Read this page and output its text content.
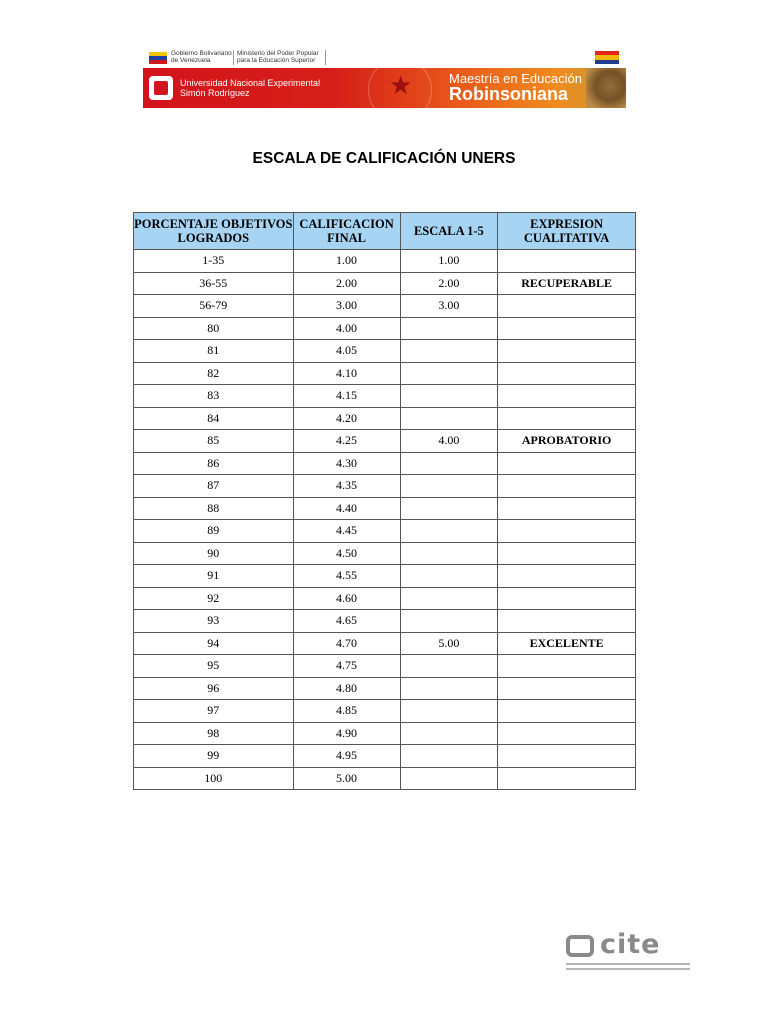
Gobierno Bolivariano
de Venezuela
Ministerio del Poder Popular
para la Educación Superior
Universidad Nacional Experimental
Simón Rodríguez	★	Maestría en Educación
Robinsoniana
ESCALA DE CALIFICACIÓN UNERS
PORCENTAJE OBJETIVOS LOGRADOS	CALIFICACION FINAL	ESCALA 1-5	EXPRESION CUALITATIVA
1-35	1.00	1.00	
36-55	2.00	2.00	RECUPERABLE
56-79	3.00	3.00	
80	4.00		
81	4.05		
82	4.10		
83	4.15		
84	4.20		
85	4.25	4.00	APROBATORIO
86	4.30		
87	4.35		
88	4.40		
89	4.45		
90	4.50		
91	4.55		
92	4.60		
93	4.65		
94	4.70	5.00	EXCELENTE
95	4.75		
96	4.80		
97	4.85		
98	4.90		
99	4.95		
100	5.00		
cite
